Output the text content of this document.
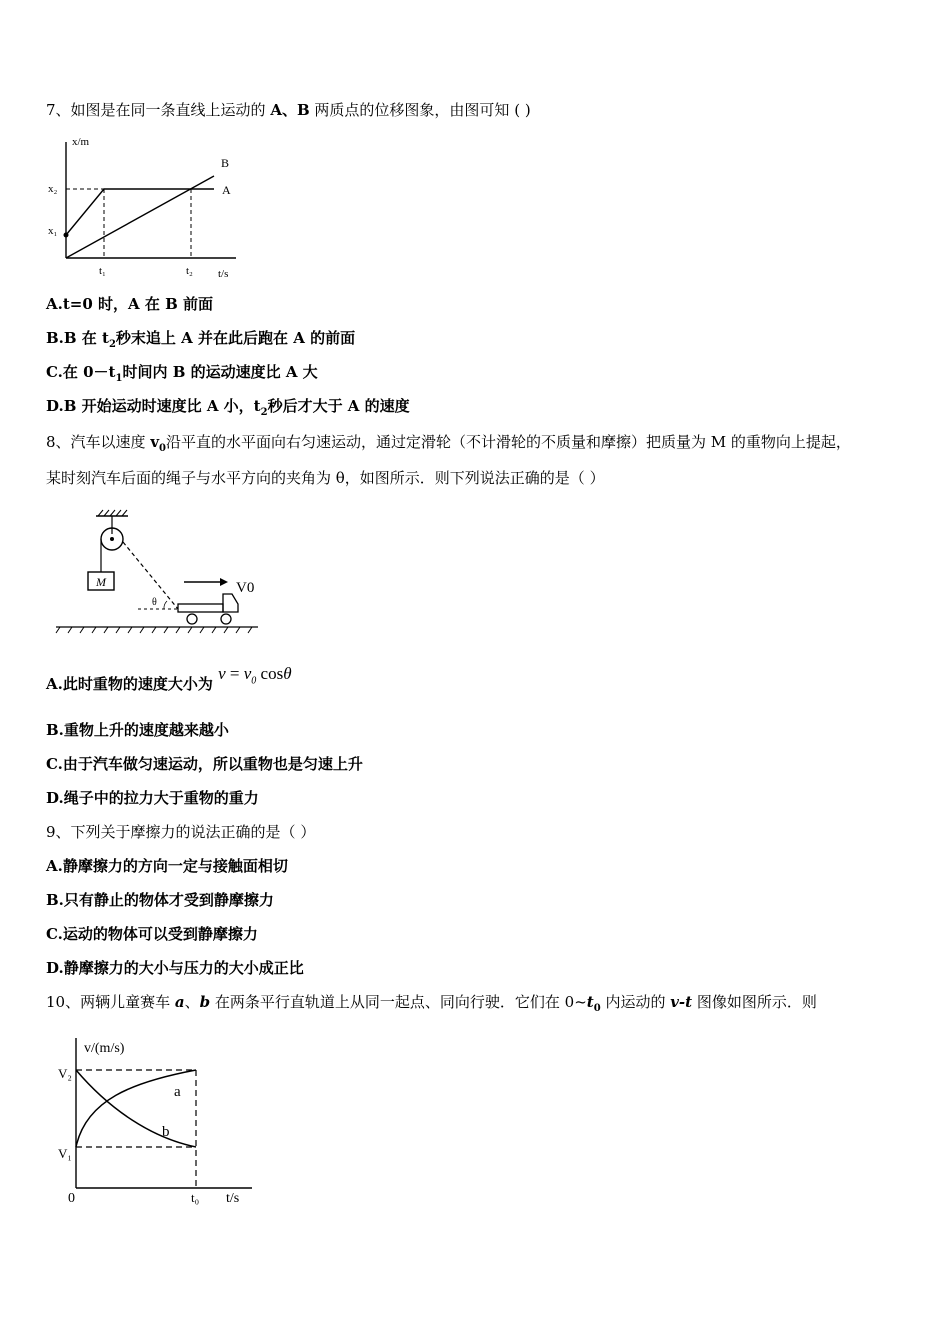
7、如图是在同一条直线上运动的 A、B 两质点的位移图象，由图可知 ( )
x/m
t/s
x₂
x₁
t₁	t₂
B
A
A.t=0 时，A 在 B 前面
B.B 在 $t_2$秒末追上 A 并在此后跑在 A 的前面
C.在 $0-t_1$时间内 B 的运动速度比 A 大
D.B 开始运动时速度比 A 小，$t_2$秒后才大于 A 的速度
8、汽车以速度 $v_0$沿平直的水平面向右匀速运动，通过定滑轮（不计滑轮的不质量和摩擦）把质量为 M 的重物向上提起，
某时刻汽车后面的绳子与水平方向的夹角为 θ，如图所示．则下列说法正确的是（ ）
M
θ
V0
A.此时重物的速度大小为 $v = v_0$ cosθ
B.重物上升的速度越来越小
C.由于汽车做匀速运动，所以重物也是匀速上升
D.绳子中的拉力大于重物的重力
9、下列关于摩擦力的说法正确的是（ ）
A.静摩擦力的方向一定与接触面相切
B.只有静止的物体才受到静摩擦力
C.运动的物体可以受到静摩擦力
D.静摩擦力的大小与压力的大小成正比
10、两辆儿童赛车 a、b 在两条平行直轨道上从同一起点、同向行驶．它们在 $0\sim t_0$ 内运动的 v-t 图像如图所示．则
v/(m/s)
t/s
V₂
V₁
0	t₀
a
b
